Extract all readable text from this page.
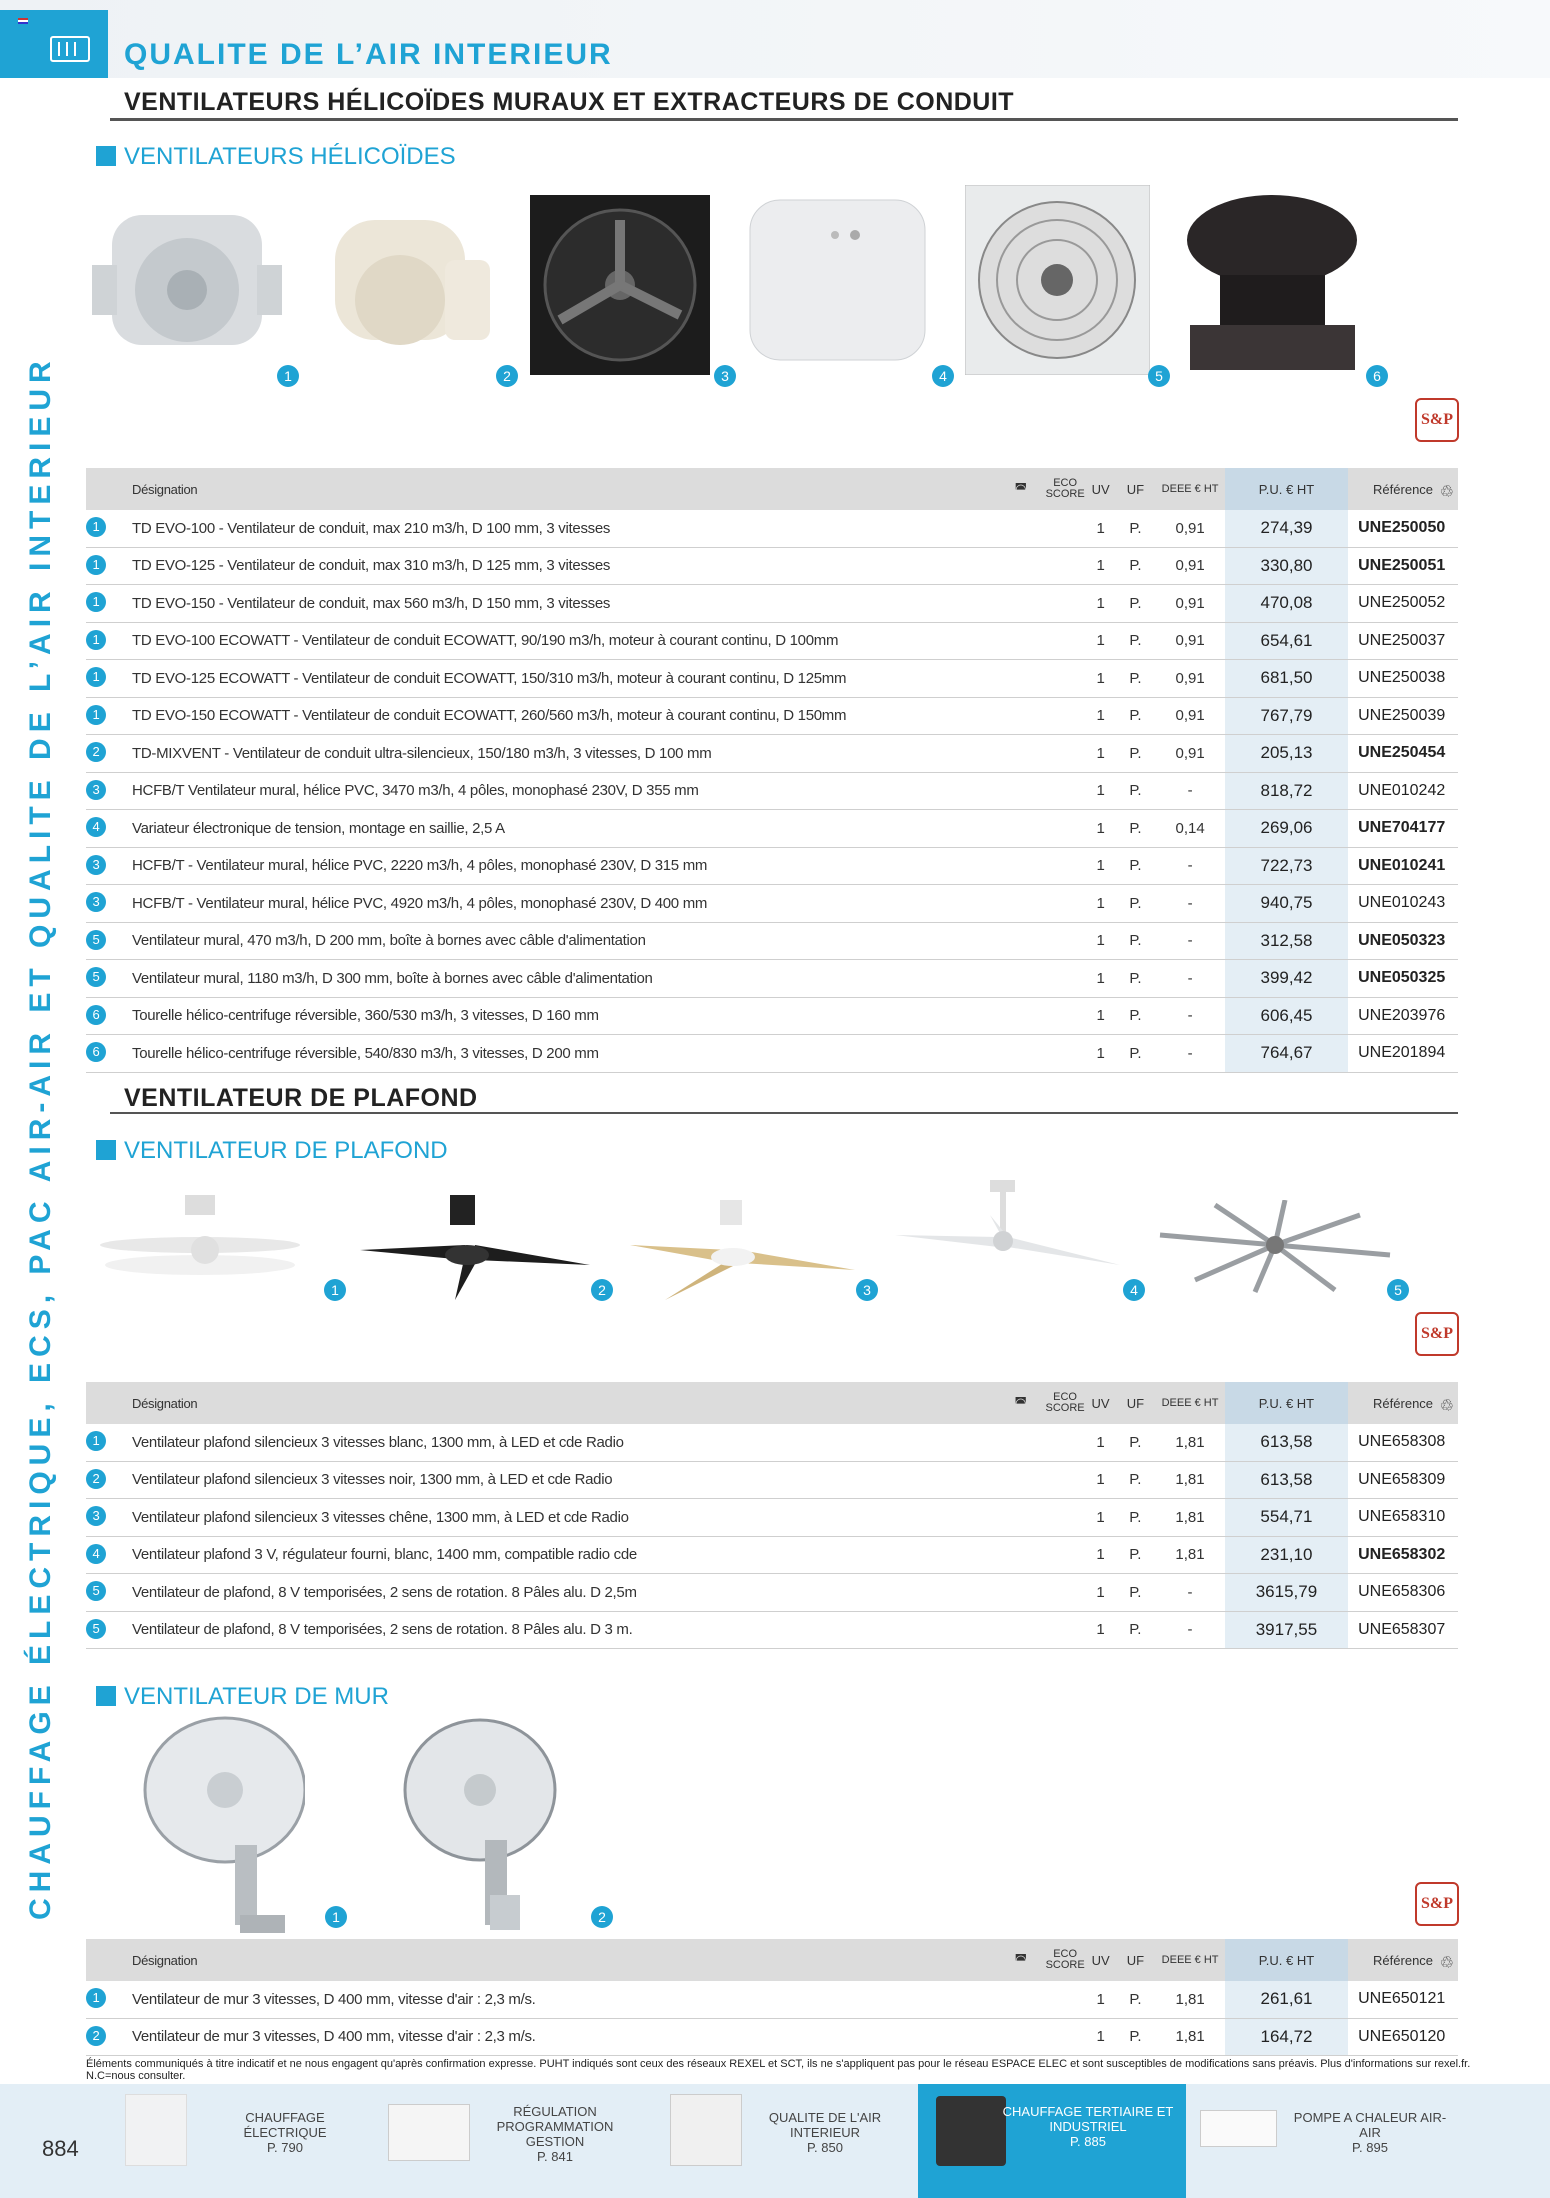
QUALITE DE L’AIR INTERIEUR
VENTILATEURS HÉLICOÏDES MURAUX ET EXTRACTEURS DE CONDUIT
CHAUFFAGE ÉLECTRIQUE, ECS, PAC AIR-AIR ET QUALITE DE L’AIR INTERIEUR
VENTILATEURS HÉLICOÏDES
1	2	3	4	5	6
S&P
Désignation	◚	ECO SCORE	UV	UF	DEEE € HT	P.U. € HT	Référence ♲

1 TD EVO-100 - Ventilateur de conduit, max 210 m3/h, D 100 mm, 3 vitesses			1	P.	0,91	274,39	UNE250050

1 TD EVO-125 - Ventilateur de conduit, max 310 m3/h, D 125 mm, 3 vitesses			1	P.	0,91	330,80	UNE250051

1 TD EVO-150 - Ventilateur de conduit, max 560 m3/h, D 150 mm, 3 vitesses			1	P.	0,91	470,08	UNE250052

1 TD EVO-100 ECOWATT - Ventilateur de conduit ECOWATT, 90/190 m3/h, moteur à courant continu, D 100mm			1	P.	0,91	654,61	UNE250037

1 TD EVO-125 ECOWATT - Ventilateur de conduit ECOWATT, 150/310 m3/h, moteur à courant continu, D 125mm			1	P.	0,91	681,50	UNE250038

1 TD EVO-150 ECOWATT - Ventilateur de conduit ECOWATT, 260/560 m3/h, moteur à courant continu, D 150mm			1	P.	0,91	767,79	UNE250039

2 TD-MIXVENT - Ventilateur de conduit ultra-silencieux, 150/180 m3/h, 3 vitesses, D 100 mm			1	P.	0,91	205,13	UNE250454

3 HCFB/T Ventilateur mural, hélice PVC, 3470 m3/h, 4 pôles, monophasé 230V, D 355 mm			1	P.	-	818,72	UNE010242

4 Variateur électronique de tension, montage en saillie, 2,5 A			1	P.	0,14	269,06	UNE704177

3 HCFB/T - Ventilateur mural, hélice PVC, 2220 m3/h, 4 pôles, monophasé 230V, D 315 mm			1	P.	-	722,73	UNE010241

3 HCFB/T - Ventilateur mural, hélice PVC, 4920 m3/h, 4 pôles, monophasé 230V, D 400 mm			1	P.	-	940,75	UNE010243

5 Ventilateur mural, 470 m3/h, D 200 mm, boîte à bornes avec câble d'alimentation			1	P.	-	312,58	UNE050323

5 Ventilateur mural, 1180 m3/h, D 300 mm, boîte à bornes avec câble d'alimentation			1	P.	-	399,42	UNE050325

6 Tourelle hélico-centrifuge réversible, 360/530 m3/h, 3 vitesses, D 160 mm			1	P.	-	606,45	UNE203976

6 Tourelle hélico-centrifuge réversible, 540/830 m3/h, 3 vitesses, D 200 mm			1	P.	-	764,67	UNE201894
VENTILATEUR DE PLAFOND
VENTILATEUR DE PLAFOND
1	2	3	4	5
S&P
Désignation	◚	ECO SCORE	UV	UF	DEEE € HT	P.U. € HT	Référence ♲

1 Ventilateur plafond silencieux 3 vitesses blanc, 1300 mm, à LED et cde Radio			1	P.	1,81	613,58	UNE658308

2 Ventilateur plafond silencieux 3 vitesses noir, 1300 mm, à LED et cde Radio			1	P.	1,81	613,58	UNE658309

3 Ventilateur plafond silencieux 3 vitesses chêne, 1300 mm, à LED et cde Radio			1	P.	1,81	554,71	UNE658310

4 Ventilateur plafond 3 V, régulateur fourni, blanc, 1400 mm, compatible radio cde			1	P.	1,81	231,10	UNE658302

5 Ventilateur de plafond, 8 V temporisées, 2 sens de rotation. 8 Pâles alu. D 2,5m			1	P.	-	3615,79	UNE658306

5 Ventilateur de plafond, 8 V temporisées, 2 sens de rotation. 8 Pâles alu. D 3 m.			1	P.	-	3917,55	UNE658307
VENTILATEUR DE MUR
1	2
S&P
Désignation	◚	ECO SCORE	UV	UF	DEEE € HT	P.U. € HT	Référence ♲

1 Ventilateur de mur 3 vitesses, D 400 mm, vitesse d'air : 2,3 m/s.			1	P.	1,81	261,61	UNE650121

2 Ventilateur de mur 3 vitesses, D 400 mm, vitesse d'air : 2,3 m/s.			1	P.	1,81	164,72	UNE650120
Éléments communiqués à titre indicatif et ne nous engagent qu'après confirmation expresse. PUHT indiqués sont ceux des réseaux REXEL et SCT, ils ne s'appliquent pas pour le réseau ESPACE ELEC et sont susceptibles de modifications sans préavis. Plus d'informations sur rexel.fr. N.C=nous consulter.
884
CHAUFFAGE ÉLECTRIQUE
P. 790
RÉGULATION PROGRAMMATION GESTION
P. 841
QUALITE DE L'AIR INTERIEUR
P. 850
CHAUFFAGE TERTIAIRE ET INDUSTRIEL
P. 885
POMPE A CHALEUR AIR-AIR
P. 895
